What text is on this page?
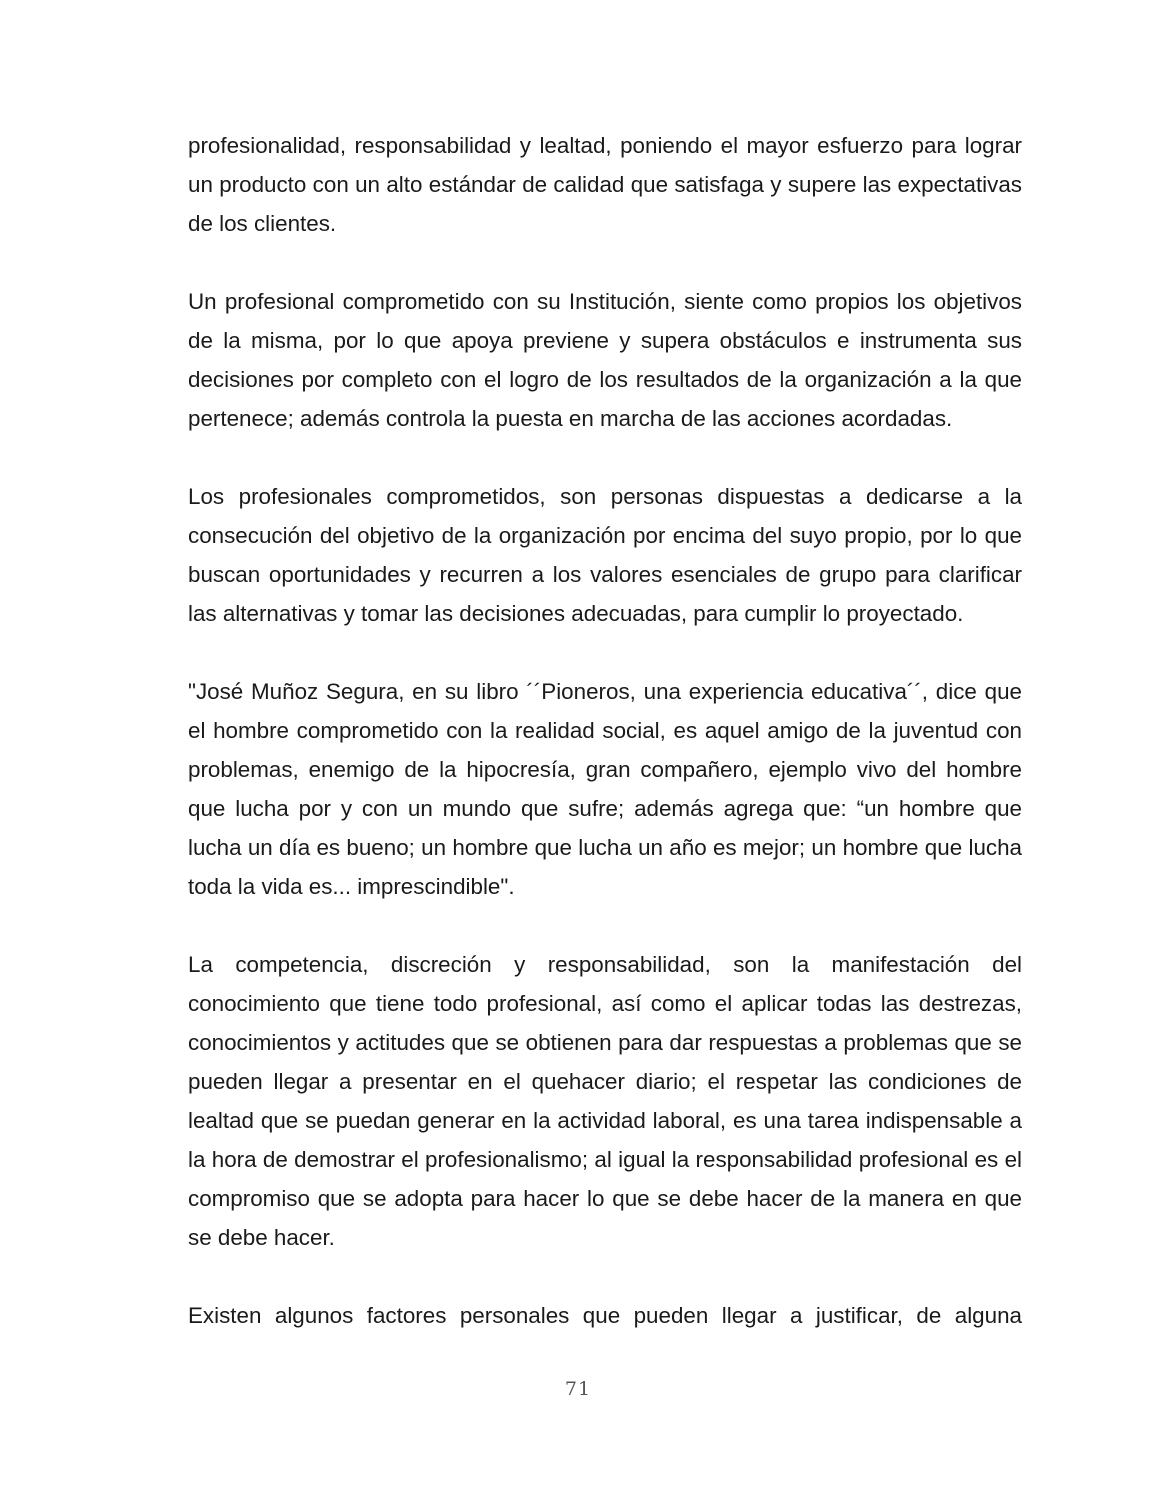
profesionalidad, responsabilidad y lealtad, poniendo el mayor esfuerzo para lograr un producto con un alto estándar de calidad que satisfaga y supere las expectativas de los clientes.

Un profesional comprometido con su Institución, siente como propios los objetivos de la misma, por lo que apoya previene y supera obstáculos e instrumenta sus decisiones por completo con el logro de los resultados de la organización a la que pertenece; además controla la puesta en marcha de las acciones acordadas.

Los profesionales comprometidos, son personas dispuestas a dedicarse a la consecución del objetivo de la organización por encima del suyo propio, por lo que buscan oportunidades y recurren a los valores esenciales de grupo para clarificar las alternativas y tomar las decisiones adecuadas, para cumplir lo proyectado.

"José Muñoz Segura, en su libro ´´Pioneros, una experiencia educativa´´, dice que el hombre comprometido con la realidad social, es aquel amigo de la juventud con problemas, enemigo de la hipocresía, gran compañero, ejemplo vivo del hombre que lucha por y con un mundo que sufre; además agrega que: “un hombre que lucha un día es bueno; un hombre que lucha un año es mejor; un hombre que lucha toda la vida es... imprescindible".

La competencia, discreción y responsabilidad, son la manifestación del conocimiento que tiene todo profesional, así como el aplicar todas las destrezas, conocimientos y actitudes que se obtienen para dar respuestas a problemas que se pueden llegar a presentar en el quehacer diario; el respetar las condiciones de lealtad que se puedan generar en la actividad laboral, es una tarea indispensable a la hora de demostrar el profesionalismo; al igual la responsabilidad profesional es el compromiso que se adopta para hacer lo que se debe hacer de la manera en que se debe hacer.

Existen algunos factores personales que pueden llegar a justificar, de alguna

71
